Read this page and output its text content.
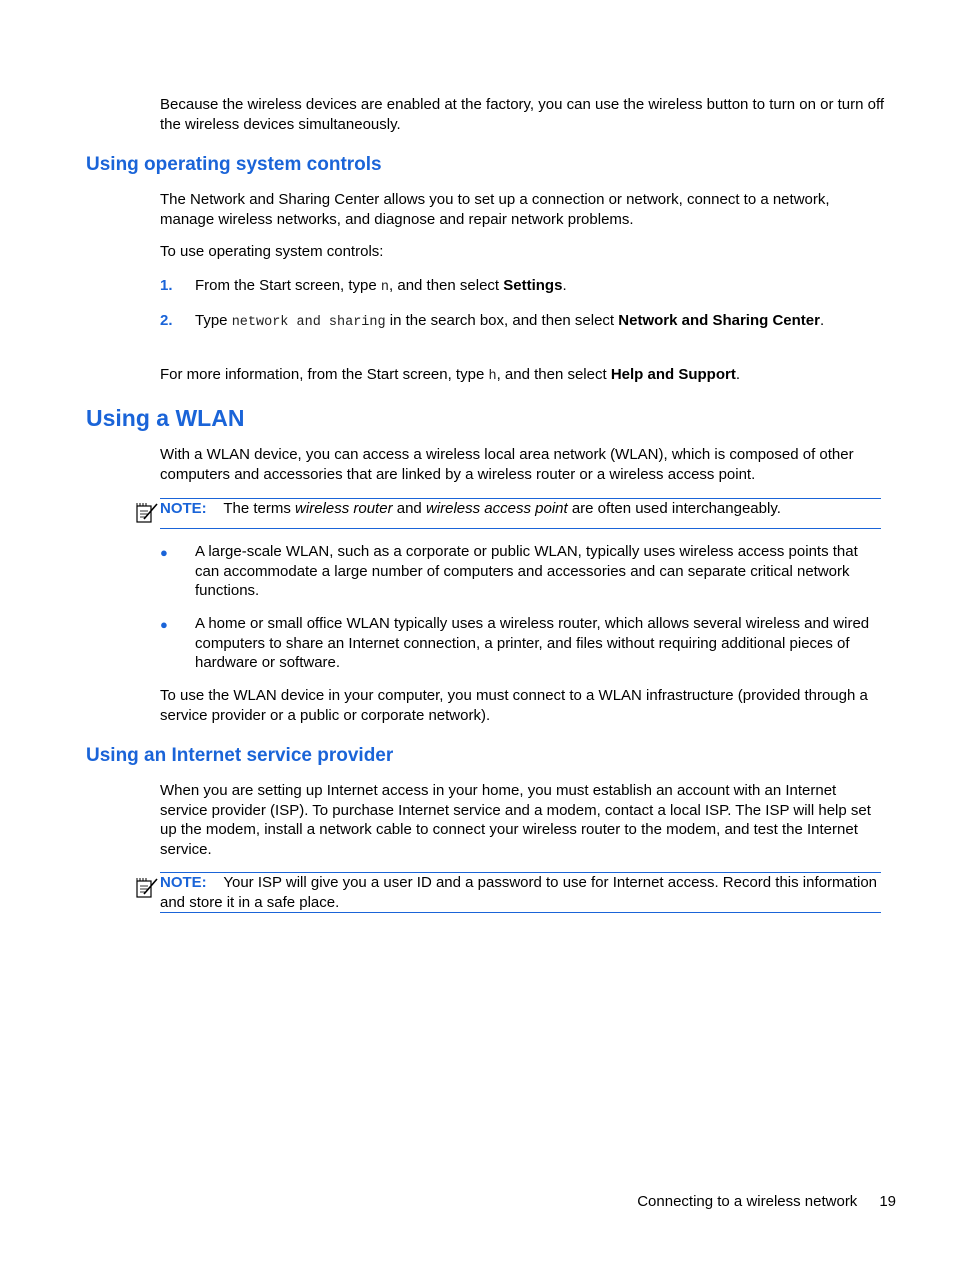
Because the wireless devices are enabled at the factory, you can use the wireless button to turn on or turn off the wireless devices simultaneously.
Using operating system controls
The Network and Sharing Center allows you to set up a connection or network, connect to a network, manage wireless networks, and diagnose and repair network problems.
To use operating system controls:
1. From the Start screen, type n, and then select Settings.
2. Type network and sharing in the search box, and then select Network and Sharing Center.
For more information, from the Start screen, type h, and then select Help and Support.
Using a WLAN
With a WLAN device, you can access a wireless local area network (WLAN), which is composed of other computers and accessories that are linked by a wireless router or a wireless access point.
NOTE: The terms wireless router and wireless access point are often used interchangeably.
● A large-scale WLAN, such as a corporate or public WLAN, typically uses wireless access points that can accommodate a large number of computers and accessories and can separate critical network functions.
● A home or small office WLAN typically uses a wireless router, which allows several wireless and wired computers to share an Internet connection, a printer, and files without requiring additional pieces of hardware or software.
To use the WLAN device in your computer, you must connect to a WLAN infrastructure (provided through a service provider or a public or corporate network).
Using an Internet service provider
When you are setting up Internet access in your home, you must establish an account with an Internet service provider (ISP). To purchase Internet service and a modem, contact a local ISP. The ISP will help set up the modem, install a network cable to connect your wireless router to the modem, and test the Internet service.
NOTE: Your ISP will give you a user ID and a password to use for Internet access. Record this information and store it in a safe place.
Connecting to a wireless network 19
